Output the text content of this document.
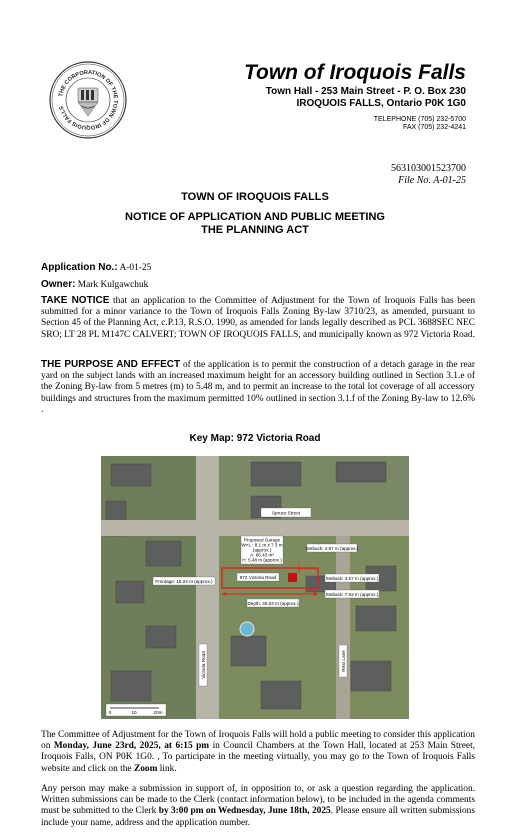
THE CORPORATION OF THE TOWN OF IROQUOIS FALLS

Town of Iroquois Falls

Town Hall - 253 Main Street - P. O. Box 230

IROQUOIS FALLS, Ontario P0K 1G0

TELEPHONE (705) 232-5700

FAX (705) 232-4241

563103001523700
File No. A-01-25
TOWN OF IROQUOIS FALLS
NOTICE OF APPLICATION AND PUBLIC MEETING
THE PLANNING ACT
Application No.: A-01-25
Owner: Mark Kulgawchuk
TAKE NOTICE that an application to the Committee of Adjustment for the Town of Iroquois Falls has been submitted for a minor variance to the Town of Iroquois Falls Zoning By-law 3710/23, as amended, pursuant to Section 45 of the Planning Act, c.P.13, R.S.O. 1990, as amended for lands legally described as PCL 3688SEC NEC SRO; LT 28 PL M147C CALVERT; TOWN OF IROQUOIS FALLS, and municipally known as 972 Victoria Road.
THE PURPOSE AND EFFECT of the application is to permit the construction of a detach garage in the rear yard on the subject lands with an increased maximum height for an accessory building outlined in Section 3.1.e of the Zoning By-law from 5 metres (m) to 5.48 m, and to permit an increase to the total lot coverage of all accessory buildings and structures from the maximum permitted 10% outlined in section 3.1.f of the Zoning By-law to 12.6% .
Key Map: 972 Victoria Road
Spruce Street
Proposed Garage
W×L : 8.1 m x 7.3 m
(approx.)
A: 66.43 m²
H: 5.48 m (approx.)
Setback: 4.87 m (approx.)
Frontage: 15.24 m (approx.)
972 Victoria Road	Setback: 4.57 m (approx.)
Setback: 7.62 m (approx.)
Depth: 45.63 m (approx.)
Victoria Road	Rear Lane
0	10	20m
The Committee of Adjustment for the Town of Iroquois Falls will hold a public meeting to consider this application on Monday, June 23rd, 2025, at 6:15 pm in Council Chambers at the Town Hall, located at 253 Main Street, Iroquois Falls, ON P0K 1G0. , To participate in the meeting virtually, you may go to the Town of Iroquois Falls website and click on the Zoom link.
Any person may make a submission in support of, in opposition to, or ask a question regarding the application. Written submissions can be made to the Clerk (contact information below), to be included in the agenda comments must be submitted to the Clerk by 3:00 pm on Wednesday, June 18th, 2025. Please ensure all written submissions include your name, address and the application number.
